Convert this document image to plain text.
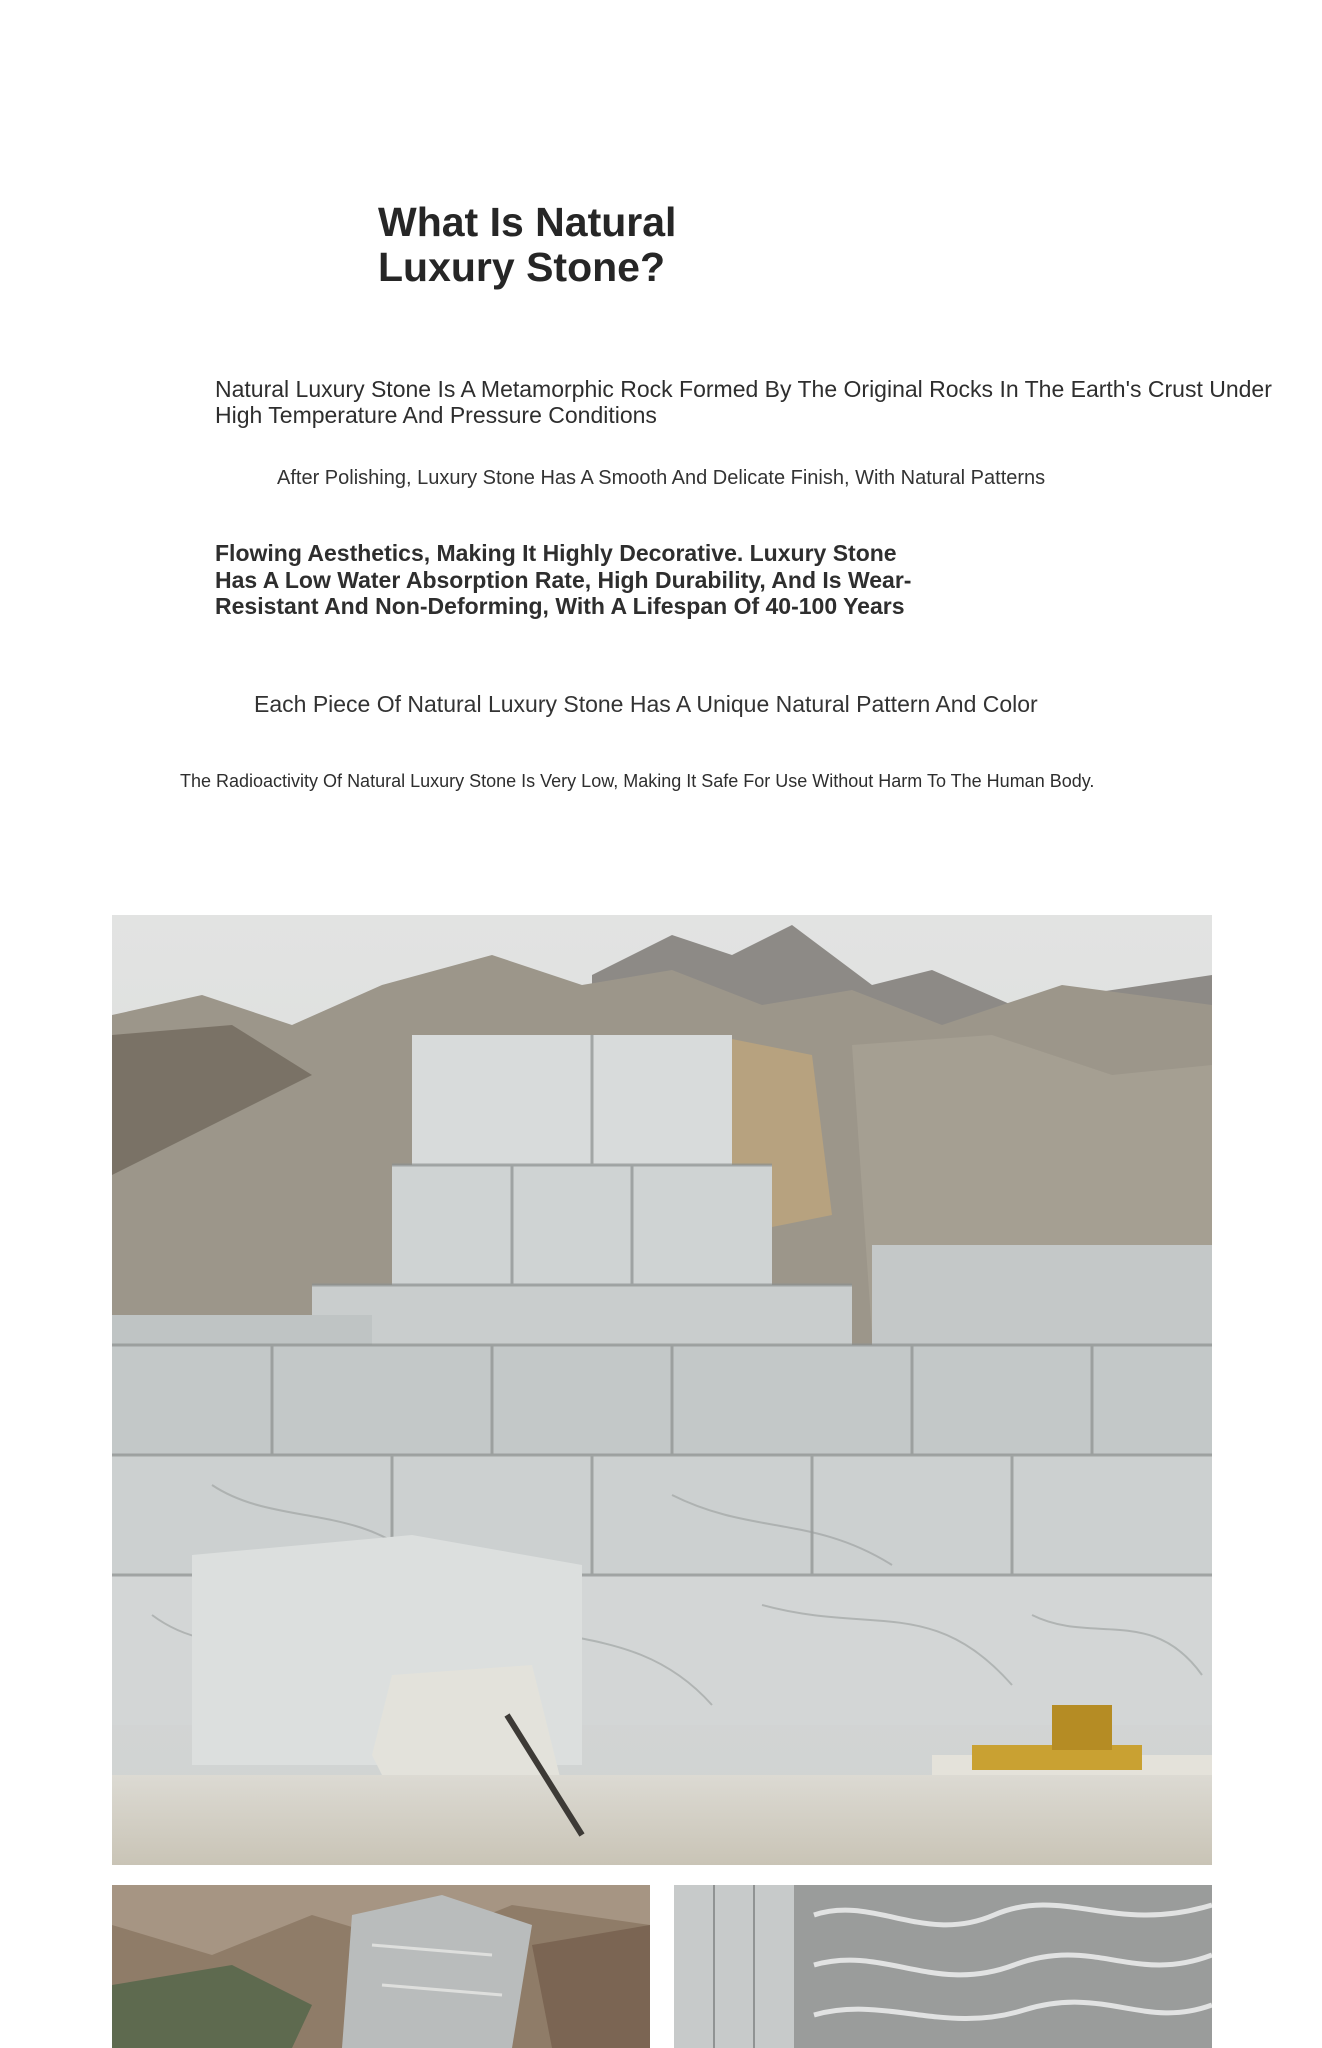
What Is Natural Luxury Stone?
Natural Luxury Stone Is A Metamorphic Rock Formed By The Original Rocks In The Earth's Crust Under
High Temperature And Pressure Conditions
After Polishing, Luxury Stone Has A Smooth And Delicate Finish, With Natural Patterns
Flowing Aesthetics, Making It Highly Decorative. Luxury Stone Has A Low Water Absorption Rate, High Durability, And Is Wear-Resistant And Non-Deforming, With A Lifespan Of 40-100 Years
Each Piece Of Natural Luxury Stone Has A Unique Natural Pattern And Color
The Radioactivity Of Natural Luxury Stone Is Very Low, Making It Safe For Use Without Harm To The Human Body.
